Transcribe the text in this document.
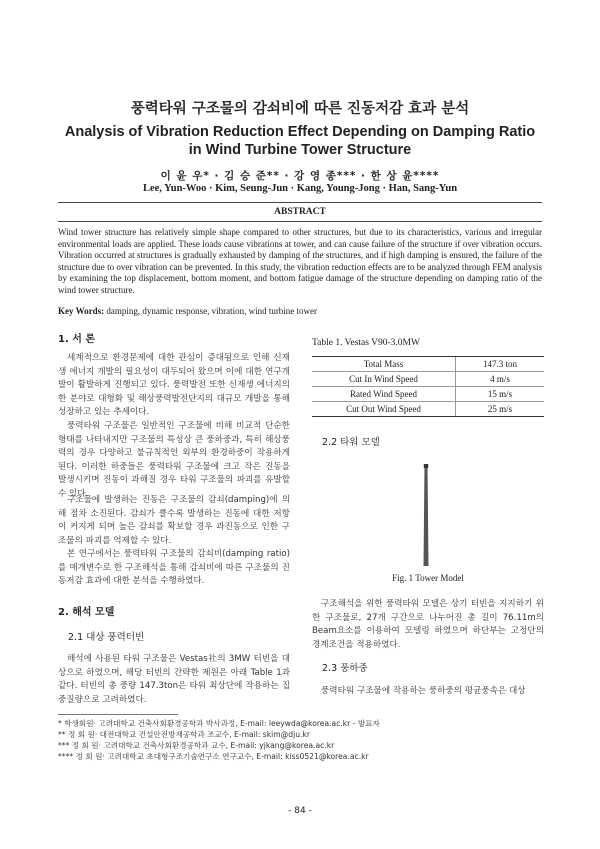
풍력타워 구조물의 감쇠비에 따른 진동저감 효과 분석
Analysis of Vibration Reduction Effect Depending on Damping Ratio in Wind Turbine Tower Structure
이 윤 우* · 김 승 준** · 강 영 종*** · 한 상 윤****
Lee, Yun-Woo · Kim, Seung-Jun · Kang, Young-Jong · Han, Sang-Yun
ABSTRACT
Wind tower structure has relatively simple shape compared to other structures, but due to its characteristics, various and irregular environmental loads are applied. These loads cause vibrations at tower, and can cause failure of the structure if over vibration occurs. Vibration occurred at structures is gradually exhausted by damping of the structures, and if high damping is ensured, the failure of the structure due to over vibration can be prevented. In this study, the vibration reduction effects are to be analyzed through FEM analysis by examining the top displacement, bottom moment, and bottom fatigue damage of the structure depending on damping ratio of the wind tower structure.
Key Words: damping, dynamic response, vibration, wind turbine tower
1. 서 론
세계적으로 환경문제에 대한 관심이 증대됨으로 인해 신재생 에너지 개발의 필요성이 대두되어 왔으며 이에 대한 연구개발이 활발하게 진행되고 있다. 풍력발전 또한 신재생 에너지의 한 분야로 대형화 및 해상풍력발전단지의 대규모 개발을 통해 성장하고 있는 추세이다.
풍력타워 구조물은 일반적인 구조물에 비해 비교적 단순한 형태를 나타내지만 구조물의 특성상 큰 풍하중과, 특히 해상풍력의 경우 다양하고 불규칙적인 외부의 환경하중이 작용하게 된다. 이러한 하중들은 풍력타워 구조물에 크고 작은 진동을 발생시키며 진동이 과해질 경우 타워 구조물의 파괴를 유발할 수 있다.
구조물에 발생하는 진동은 구조물의 감쇠(damping)에 의해 점차 소진된다. 감쇠가 클수록 발생하는 진동에 대한 저항이 커지게 되며 높은 감쇠를 확보할 경우 과진동으로 인한 구조물의 파괴를 억제할 수 있다.
본 연구에서는 풍력타워 구조물의 감쇠비(damping ratio)를 매개변수로 한 구조해석을 통해 감쇠비에 따른 구조물의 진동저감 효과에 대한 분석을 수행하였다.
2. 해석 모델
2.1 대상 풍력터빈
해석에 사용된 타워 구조물은 Vestas社의 3MW 터빈을 대상으로 하였으며, 해당 터빈의 간략한 제원은 아래 Table 1과 같다. 터빈의 총 중량 147.3ton은 타워 최상단에 작용하는 집중질량으로 고려하였다.
Table 1. Vestas V90-3.0MW
Total Mass	147.3 ton
Cut In Wind Speed	4 m/s
Rated Wind Speed	15 m/s
Cut Out Wind Speed	25 m/s
2.2 타워 모델
Fig. 1 Tower Model
구조해석을 위한 풍력타워 모델은 상기 터빈을 지지하기 위한 구조물로, 27개 구간으로 나누어진 총 길이 76.11m의 Beam요소를 이용하여 모델링 하였으며 하단부는 고정단의 경계조건을 적용하였다.
2.3 풍하중
풍력타워 구조물에 작용하는 풍하중의 평균풍속은 대상
* 학생회원· 고려대학교 건축사회환경공학과 박사과정, E-mail: leeywda@korea.ac.kr - 발표자
** 정 회 원· 대전대학교 건설안전방재공학과 조교수, E-mail: skim@dju.kr
*** 정 회 원· 고려대학교 건축사회환경공학과 교수, E-mail: yjkang@korea.ac.kr
**** 정 회 원· 고려대학교 초대형구조기술연구소 연구교수, E-mail: kiss0521@korea.ac.kr
- 84 -
